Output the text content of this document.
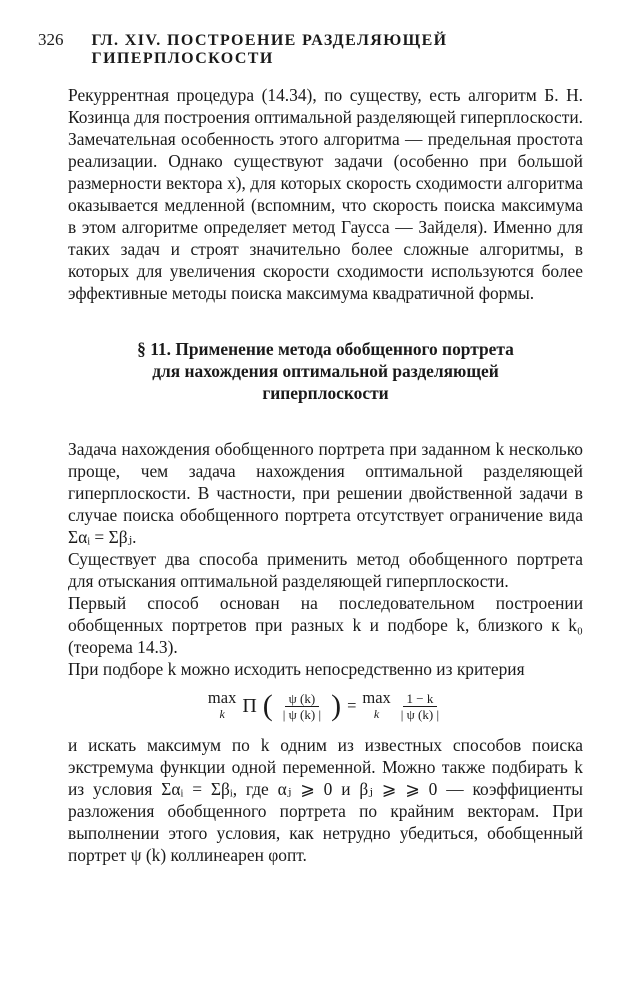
326 ГЛ. XIV. ПОСТРОЕНИЕ РАЗДЕЛЯЮЩЕЙ ГИПЕРПЛОСКОСТИ

Рекуррентная процедура (14.34), по существу, есть алгоритм Б. Н. Козинца для построения оптимальной разделяющей гиперплоскости.

Замечательная особенность этого алгоритма — предельная простота реализации. Однако существуют задачи (особенно при большой размерности вектора x), для которых скорость сходимости алгоритма оказывается медленной (вспомним, что скорость поиска максимума в этом алгоритме определяет метод Гаусса — Зайделя). Именно для таких задач и строят значительно более сложные алгоритмы, в которых для увеличения скорости сходимости используются более эффективные методы поиска максимума квадратичной формы.

§ 11. Применение метода обобщенного портрета
для нахождения оптимальной разделяющей
гиперплоскости

Задача нахождения обобщенного портрета при заданном k несколько проще, чем задача нахождения оптимальной разделяющей гиперплоскости. В частности, при решении двойственной задачи в случае поиска обобщенного портрета отсутствует ограничение вида Σαᵢ = Σβⱼ.

Существует два способа применить метод обобщенного портрета для отыскания оптимальной разделяющей гиперплоскости.

Первый способ основан на последовательном построении обобщенных портретов при разных k и подборе k, близкого к k₀ (теорема 14.3).

При подборе k можно исходить непосредственно из критерия

max
k Π ( $\frac{\psi (k)}{| \psi (k) |}$ ) = max
k $\frac{1 - k}{| \psi (k) |}$

и искать максимум по k одним из известных способов поиска экстремума функции одной переменной. Можно также подбирать k из условия Σαᵢ = Σβᵢ, где αⱼ ⩾ 0 и βⱼ ⩾ ⩾ 0 — коэффициенты разложения обобщенного портрета по крайним векторам. При выполнении этого условия, как нетрудно убедиться, обобщенный портрет ψ (k) коллинеарен φопт.
